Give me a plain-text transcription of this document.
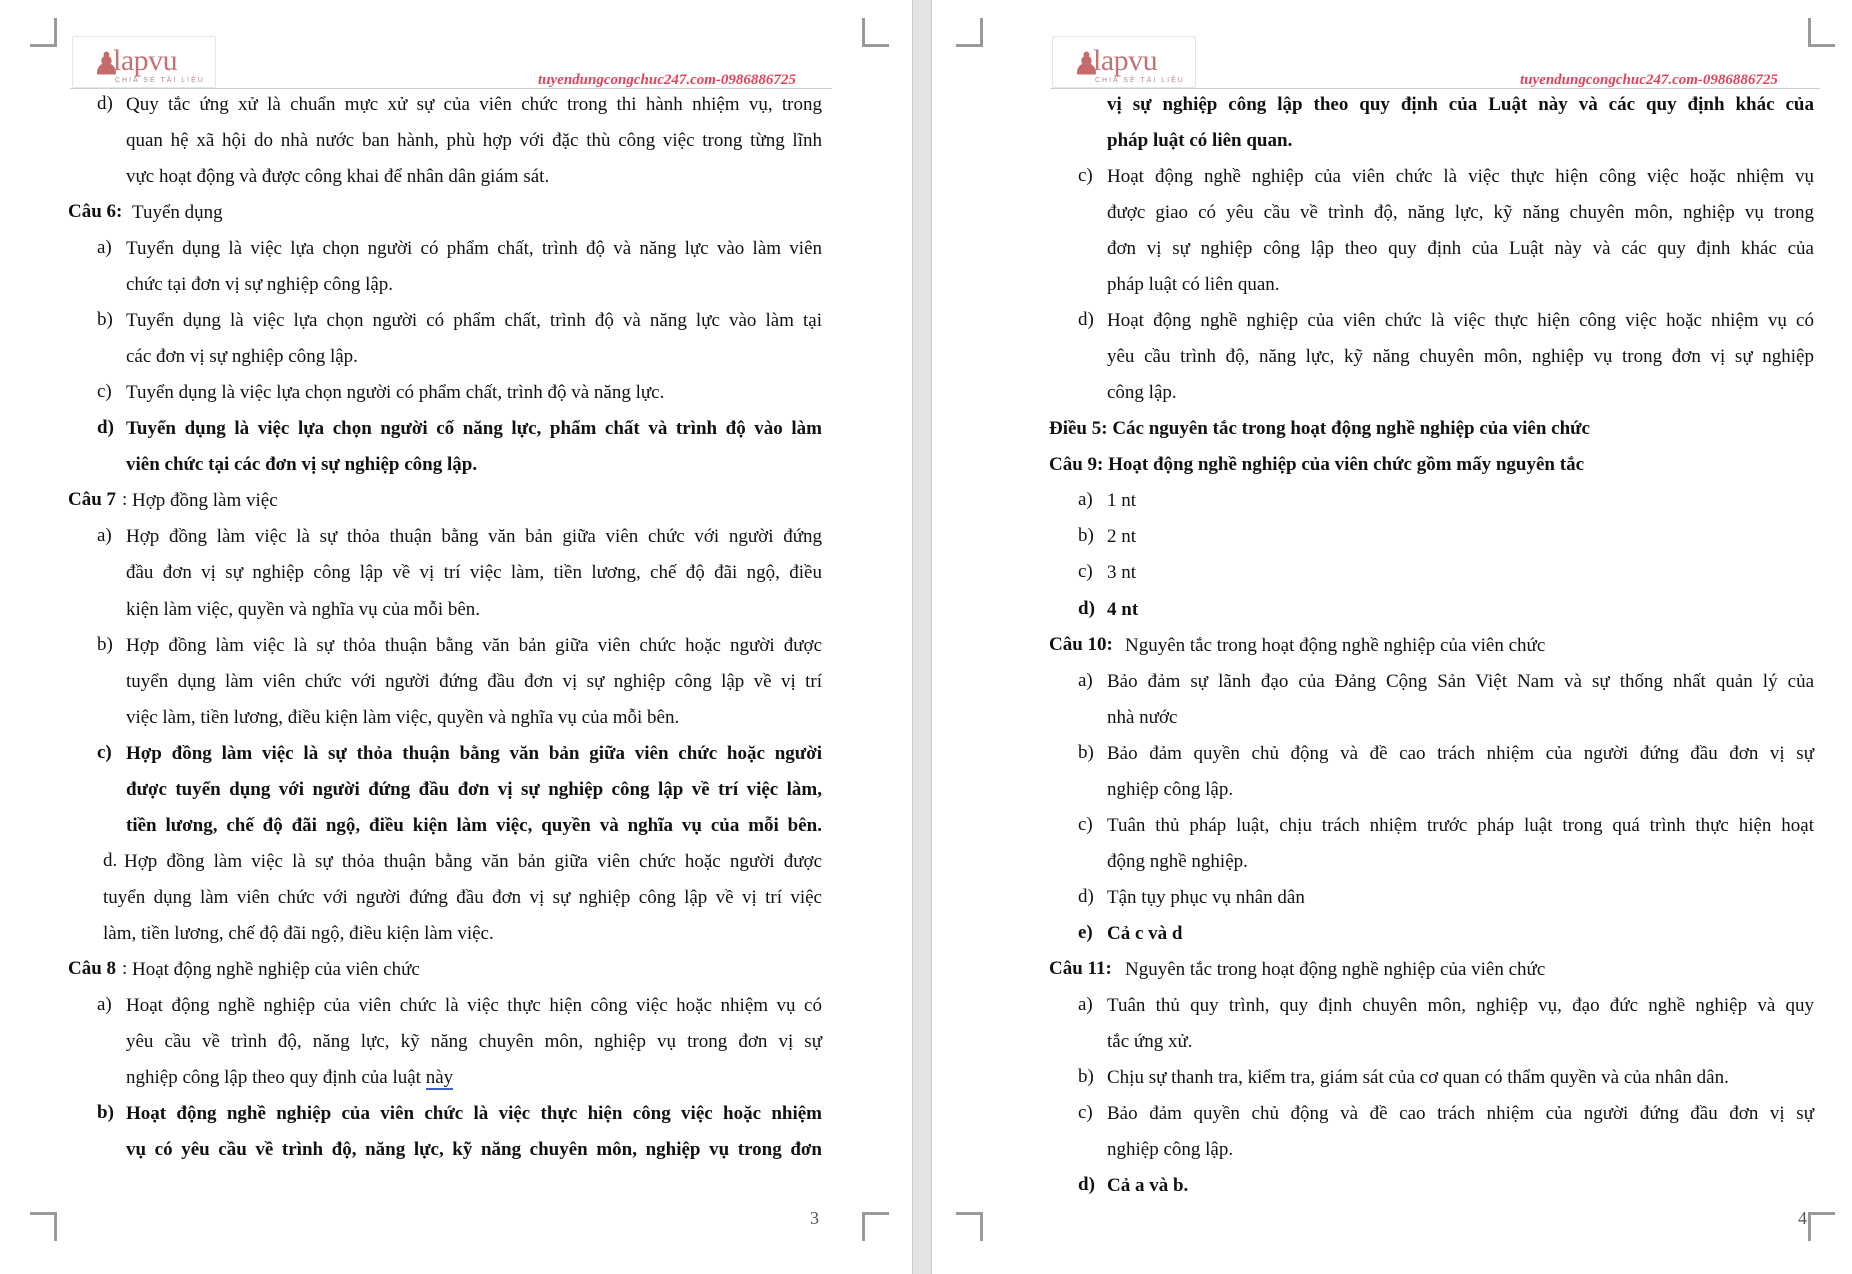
♟
lapvu
CHIA SẺ TÀI LIỆU	tuyendungcongchuc247.com-0986886725
d) Quy tắc ứng xử là chuẩn mực xử sự của viên chức trong thi hành nhiệm vụ, trong
quan hệ xã hội do nhà nước ban hành, phù hợp với đặc thù công việc trong từng lĩnh
vực hoạt động và được công khai để nhân dân giám sát.
Câu 6: Tuyển dụng
a) Tuyển dụng là việc lựa chọn người có phẩm chất, trình độ và năng lực vào làm viên
chức tại đơn vị sự nghiệp công lập.
b) Tuyển dụng là việc lựa chọn người có phẩm chất, trình độ và năng lực vào làm tại
các đơn vị sự nghiệp công lập.
c) Tuyển dụng là việc lựa chọn người có phẩm chất, trình độ và năng lực.
d) Tuyển dụng là việc lựa chọn người cố năng lực, phẩm chất và trình độ vào làm
viên chức tại các đơn vị sự nghiệp công lập.
Câu 7 : Hợp đồng làm việc
a) Hợp đồng làm việc là sự thỏa thuận bằng văn bản giữa viên chức với người đứng
đầu đơn vị sự nghiệp công lập về vị trí việc làm, tiền lương, chế độ đãi ngộ, điều
kiện làm việc, quyền và nghĩa vụ của mỗi bên.
b) Hợp đồng làm việc là sự thỏa thuận bằng văn bản giữa viên chức hoặc người được
tuyển dụng làm viên chức với người đứng đầu đơn vị sự nghiệp công lập về vị trí
việc làm, tiền lương, điều kiện làm việc, quyền và nghĩa vụ của mỗi bên.
c) Hợp đồng làm việc là sự thỏa thuận bằng văn bản giữa viên chức hoặc người
được tuyển dụng với người đứng đầu đơn vị sự nghiệp công lập về trí việc làm,
tiền lương, chế độ đãi ngộ, điều kiện làm việc, quyền và nghĩa vụ của mỗi bên.
d. Hợp đồng làm việc là sự thỏa thuận bằng văn bản giữa viên chức hoặc người được
tuyển dụng làm viên chức với người đứng đầu đơn vị sự nghiệp công lập về vị trí việc
làm, tiền lương, chế độ đãi ngộ, điều kiện làm việc.
Câu 8 : Hoạt động nghề nghiệp của viên chức
a) Hoạt động nghề nghiệp của viên chức là việc thực hiện công việc hoặc nhiệm vụ có
yêu cầu về trình độ, năng lực, kỹ năng chuyên môn, nghiệp vụ trong đơn vị sự
nghiệp công lập theo quy định của luật này
b) Hoạt động nghề nghiệp của viên chức là việc thực hiện công việc hoặc nhiệm
vụ có yêu cầu về trình độ, năng lực, kỹ năng chuyên môn, nghiệp vụ trong đơn
3
♟
lapvu
CHIA SẺ TÀI LIỆU	tuyendungcongchuc247.com-0986886725
vị sự nghiệp công lập theo quy định của Luật này và các quy định khác của
pháp luật có liên quan.
c) Hoạt động nghề nghiệp của viên chức là việc thực hiện công việc hoặc nhiệm vụ
được giao có yêu cầu về trình độ, năng lực, kỹ năng chuyên môn, nghiệp vụ trong
đơn vị sự nghiệp công lập theo quy định của Luật này và các quy định khác của
pháp luật có liên quan.
d) Hoạt động nghề nghiệp của viên chức là việc thực hiện công việc hoặc nhiệm vụ có
yêu cầu trình độ, năng lực, kỹ năng chuyên môn, nghiệp vụ trong đơn vị sự nghiệp
công lập.
Điều 5: Các nguyên tắc trong hoạt động nghề nghiệp của viên chức
Câu 9: Hoạt động nghề nghiệp của viên chức gồm mấy nguyên tắc
a) 1 nt
b) 2 nt
c) 3 nt
d) 4 nt
Câu 10: Nguyên tắc trong hoạt động nghề nghiệp của viên chức
a) Bảo đảm sự lãnh đạo của Đảng Cộng Sản Việt Nam và sự thống nhất quản lý của
nhà nước
b) Bảo đảm quyền chủ động và đề cao trách nhiệm của người đứng đầu đơn vị sự
nghiệp công lập.
c) Tuân thủ pháp luật, chịu trách nhiệm trước pháp luật trong quá trình thực hiện hoạt
động nghề nghiệp.
d) Tận tụy phục vụ nhân dân
e) Cả c và d
Câu 11: Nguyên tắc trong hoạt động nghề nghiệp của viên chức
a) Tuân thủ quy trình, quy định chuyên môn, nghiệp vụ, đạo đức nghề nghiệp và quy
tắc ứng xử.
b) Chịu sự thanh tra, kiểm tra, giám sát của cơ quan có thẩm quyền và của nhân dân.
c) Bảo đảm quyền chủ động và đề cao trách nhiệm của người đứng đầu đơn vị sự
nghiệp công lập.
d) Cả a và b.
4
